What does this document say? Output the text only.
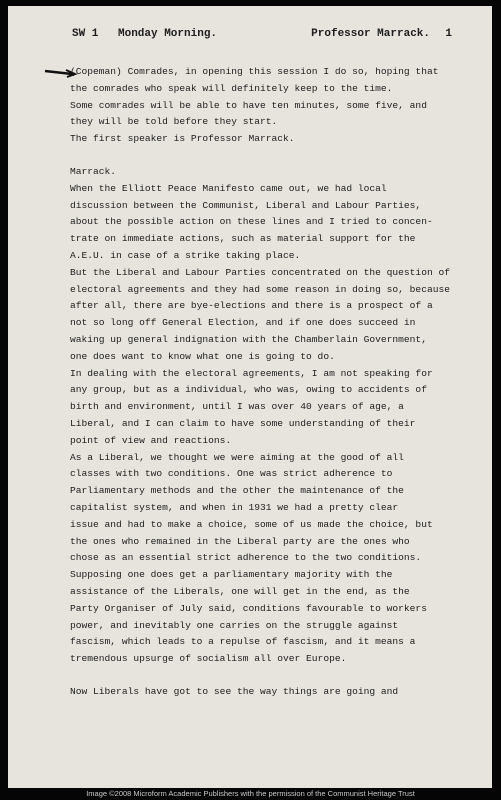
SW 1	Monday Morning.	Professor Marrack.	1
(Copeman) Comrades, in opening this session I do so, hoping that
the comrades who speak will definitely keep to the time.
Some comrades will be able to have ten minutes, some five, and
they will be told before they start.
The first speaker is Professor Marrack.
Marrack.
When the Elliott Peace Manifesto came out, we had local
discussion between the Communist, Liberal and Labour Parties,
about the possible action on these lines and I tried to concen-
trate on immediate actions, such as material support for the
A.E.U. in case of a strike taking place.
But the Liberal and Labour Parties concentrated on the question of
electoral agreements and they had some reason in doing so, because
after all, there are bye-elections and there is a prospect of a
not so long off General Election, and if one does succeed in
waking up general indignation with the Chamberlain Government,
one does want to know what one is going to do.
In dealing with the electoral agreements, I am not speaking for
any group, but as a individual, who was, owing to accidents of
birth and environment, until I was over 40 years of age, a
Liberal, and I can claim to have some understanding of their
point of view and reactions.
As a Liberal, we thought we were aiming at the good of all
classes with two conditions. One was strict adherence to
Parliamentary methods and the other the maintenance of the
capitalist system, and when in 1931 we had a pretty clear
issue and had to make a choice, some of us made the choice, but
the ones who remained in the Liberal party are the ones who
chose as an essential strict adherence to the two conditions.
Supposing one does get a parliamentary majority with the
assistance of the Liberals, one will get in the end, as the
Party Organiser of July said, conditions favourable to workers
power, and inevitably one carries on the struggle against
fascism, which leads to a repulse of fascism, and it means a
tremendous upsurge of socialism all over Europe.
Now Liberals have got to see the way things are going and
Image ©2008 Microform Academic Publishers with the permission of the Communist Heritage Trust
